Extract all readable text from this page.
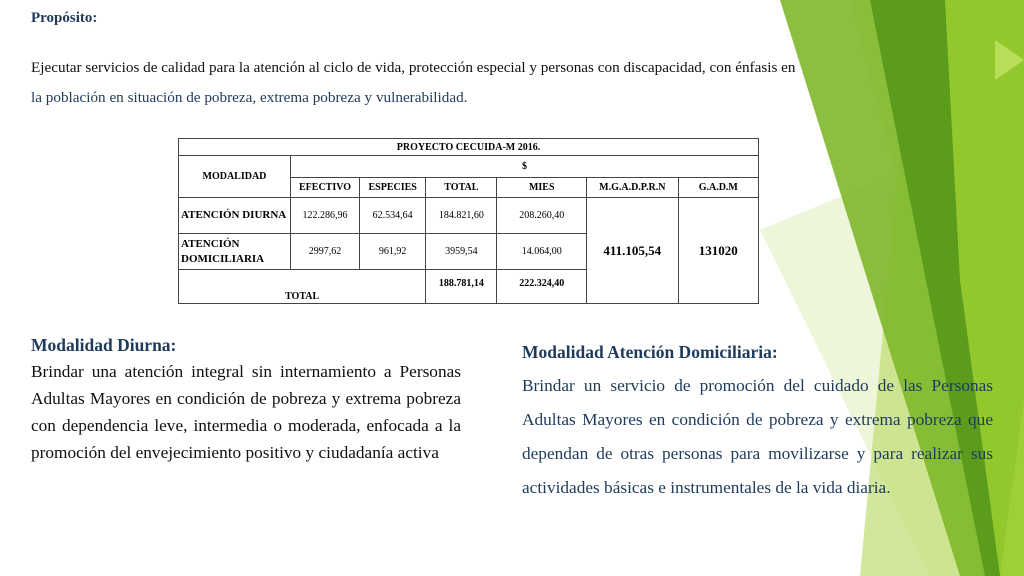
Propósito:
Ejecutar servicios de calidad para la atención al ciclo de vida, protección especial y personas con discapacidad, con énfasis en
la población en situación de pobreza, extrema pobreza y vulnerabilidad.
PROYECTO CECUIDA-M 2016.						
MODALIDAD	$					
	EFECTIVO	ESPECIES	TOTAL	MIES	M.G.A.D.P.R.N	G.A.D.M
ATENCIÓN DIURNA	122.286,96	62.534,64	184.821,60	208.260,40	411.105,54	131020
ATENCIÓN DOMICILIARIA	2997,62	961,92	3959,54	14.064,00		
TOTAL			188.781,14	222.324,40		
Modalidad Diurna:
Brindar una atención integral sin internamiento a Personas Adultas Mayores en condición de pobreza y extrema pobreza con dependencia leve, intermedia o moderada, enfocada a la promoción del envejecimiento positivo y ciudadanía activa
Modalidad Atención Domiciliaria:
Brindar un servicio de promoción del cuidado de las Personas Adultas Mayores en condición de pobreza y extrema pobreza que dependan de otras personas para movilizarse y para realizar sus actividades básicas e instrumentales de la vida diaria.
